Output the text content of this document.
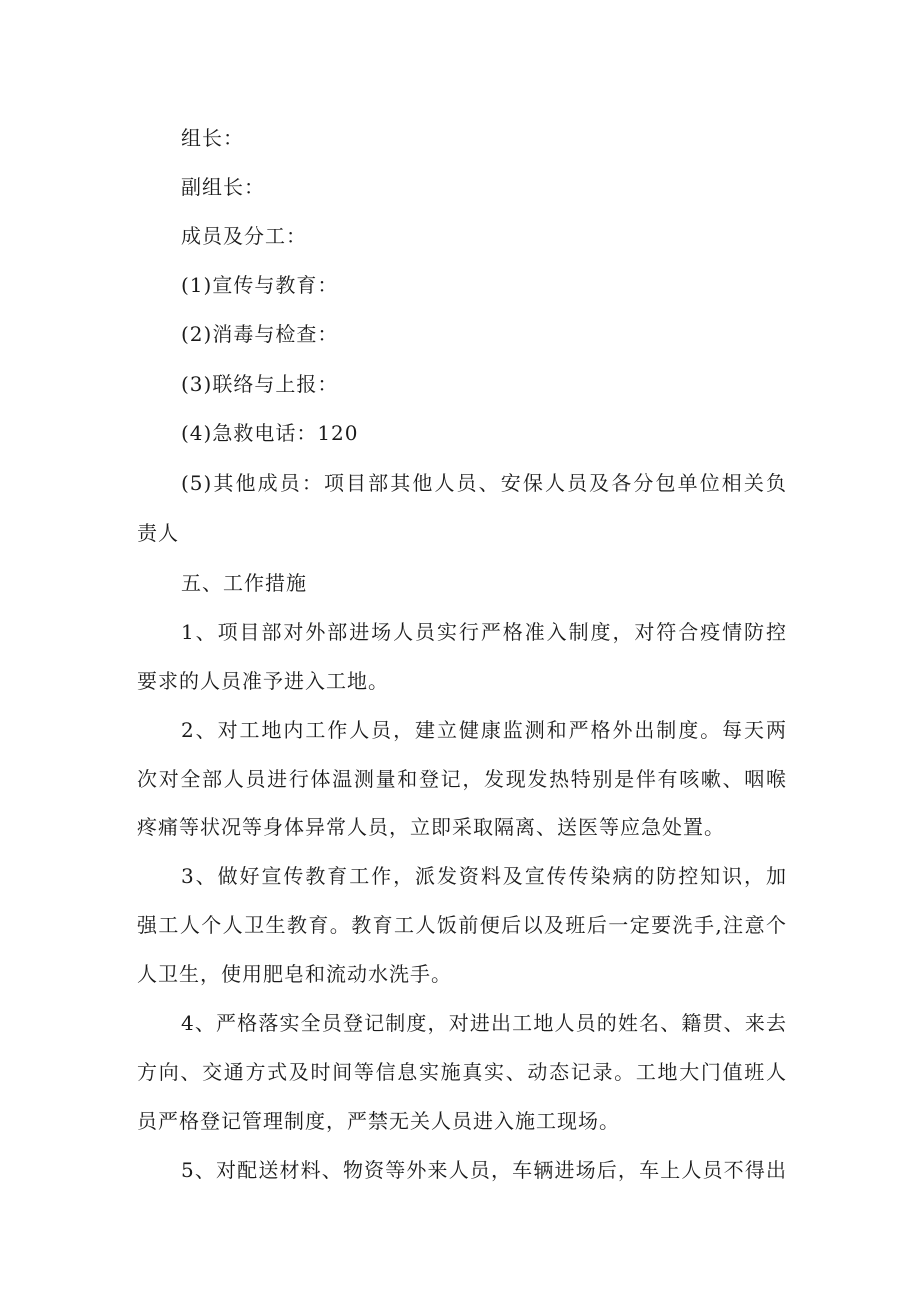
组长：
副组长：
成员及分工：
(1)宣传与教育：
(2)消毒与检查：
(3)联络与上报：
(4)急救电话：120
(5)其他成员：项目部其他人员、安保人员及各分包单位相关负
责人
五、工作措施
1、项目部对外部进场人员实行严格准入制度，对符合疫情防控
要求的人员准予进入工地。
2、对工地内工作人员，建立健康监测和严格外出制度。每天两
次对全部人员进行体温测量和登记，发现发热特别是伴有咳嗽、咽喉
疼痛等状况等身体异常人员，立即采取隔离、送医等应急处置。
3、做好宣传教育工作，派发资料及宣传传染病的防控知识，加
强工人个人卫生教育。教育工人饭前便后以及班后一定要洗手,注意个
人卫生，使用肥皂和流动水洗手。
4、严格落实全员登记制度，对进出工地人员的姓名、籍贯、来去
方向、交通方式及时间等信息实施真实、动态记录。工地大门值班人
员严格登记管理制度，严禁无关人员进入施工现场。
5、对配送材料、物资等外来人员，车辆进场后，车上人员不得出
